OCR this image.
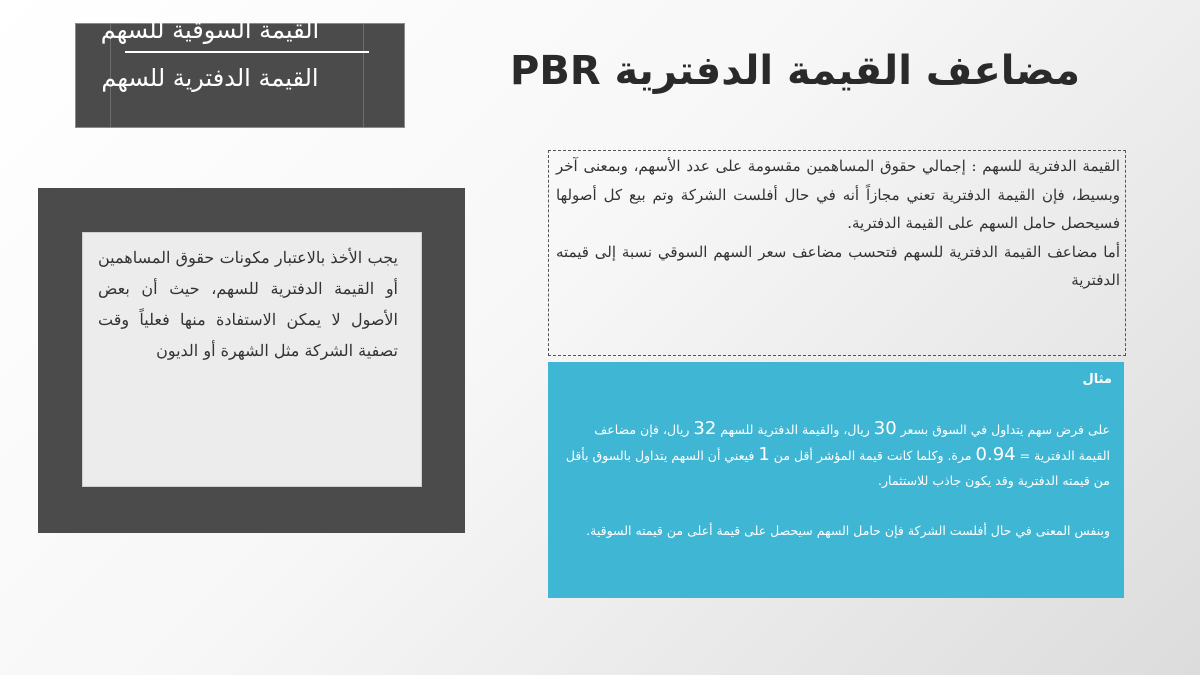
مضاعف القيمة الدفترية PBR
القيمة السوقية للسهم
القيمة الدفترية للسهم
يجب الأخذ بالاعتبار مكونات حقوق المساهمين أو القيمة الدفترية للسهم، حيث أن بعض الأصول لا يمكن الاستفادة منها فعلياً وقت تصفية الشركة مثل الشهرة أو الديون

القيمة الدفترية للسهم : إجمالي حقوق المساهمين مقسومة على عدد الأسهم، وبمعنى آخر وبسيط، فإن القيمة الدفترية تعني مجازاً أنه في حال أفلست الشركة وتم بيع كل أصولها فسيحصل حامل السهم على القيمة الدفترية.

أما مضاعف القيمة الدفترية للسهم فتحسب مضاعف سعر السهم السوقي نسبة إلى قيمته الدفترية

مثال

على فرض سهم يتداول في السوق بسعر 30 ريال، والقيمة الدفترية للسهم 32 ريال، فإن مضاعف القيمة الدفترية = 0.94 مرة. وكلما كانت قيمة المؤشر أقل من 1 فيعني أن السهم يتداول بالسوق بأقل من قيمته الدفترية وقد يكون جاذب للاستثمار.

وبنفس المعنى في حال أفلست الشركة فإن حامل السهم سيحصل على قيمة أعلى من قيمته السوقية.
